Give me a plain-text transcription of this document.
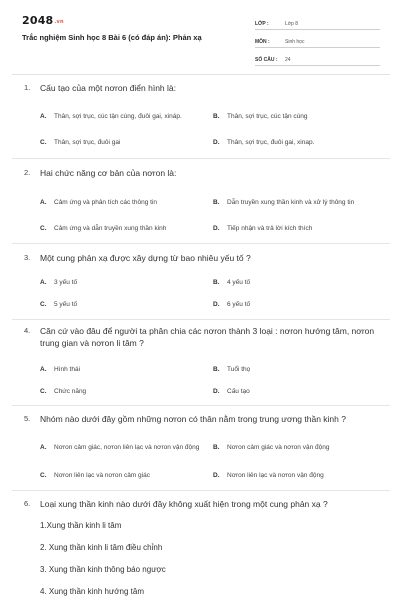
2048.vn
Trắc nghiệm Sinh học 8 Bài 6 (có đáp án): Phản xạ
LỚP :	Lớp 8
MÔN :	Sinh học
SỐ CÂU :	24
1. Cấu tạo của một nơron điển hình là:
A.	Thân, sợi trục, cúc tận cùng, đuôi gai, xináp.	B.	Thân, sợi trục, cúc tận cùng
C.	Thân, sợi trục, đuôi gai	D.	Thân, sợi trục, đuôi gai, xinap.
2. Hai chức năng cơ bản của nơron là:
A.	Cảm ứng và phân tích các thông tin	B.	Dẫn truyền xung thần kinh và xử lý thông tin
C.	Cảm ứng và dẫn truyền xung thần kinh	D.	Tiếp nhận và trả lời kích thích
3. Một cung phản xạ được xây dựng từ bao nhiêu yếu tố ?
A.	3 yếu tố	B.	4 yếu tố
C.	5 yếu tố	D.	6 yếu tố
4. Căn cứ vào đâu để người ta phân chia các nơron thành 3 loại : nơron hướng tâm, nơron trung gian và nơron li tâm ?
A.	Hình thái	B.	Tuổi thọ
C.	Chức năng	D.	Cấu tạo
5. Nhóm nào dưới đây gồm những nơron có thân nằm trong trung ương thần kinh ?
A.	Nơron cảm giác, nơron liên lạc và nơron vận động	B.	Nơron cảm giác và nơron vận động
C.	Nơron liên lạc và nơron cảm giác	D.	Nơron liên lạc và nơron vận động
6. Loại xung thần kinh nào dưới đây không xuất hiện trong một cung phản xạ ?
1.Xung thần kinh li tâm
2. Xung thần kinh li tâm điều chỉnh
3. Xung thần kinh thông báo ngược
4. Xung thần kinh hướng tâm
